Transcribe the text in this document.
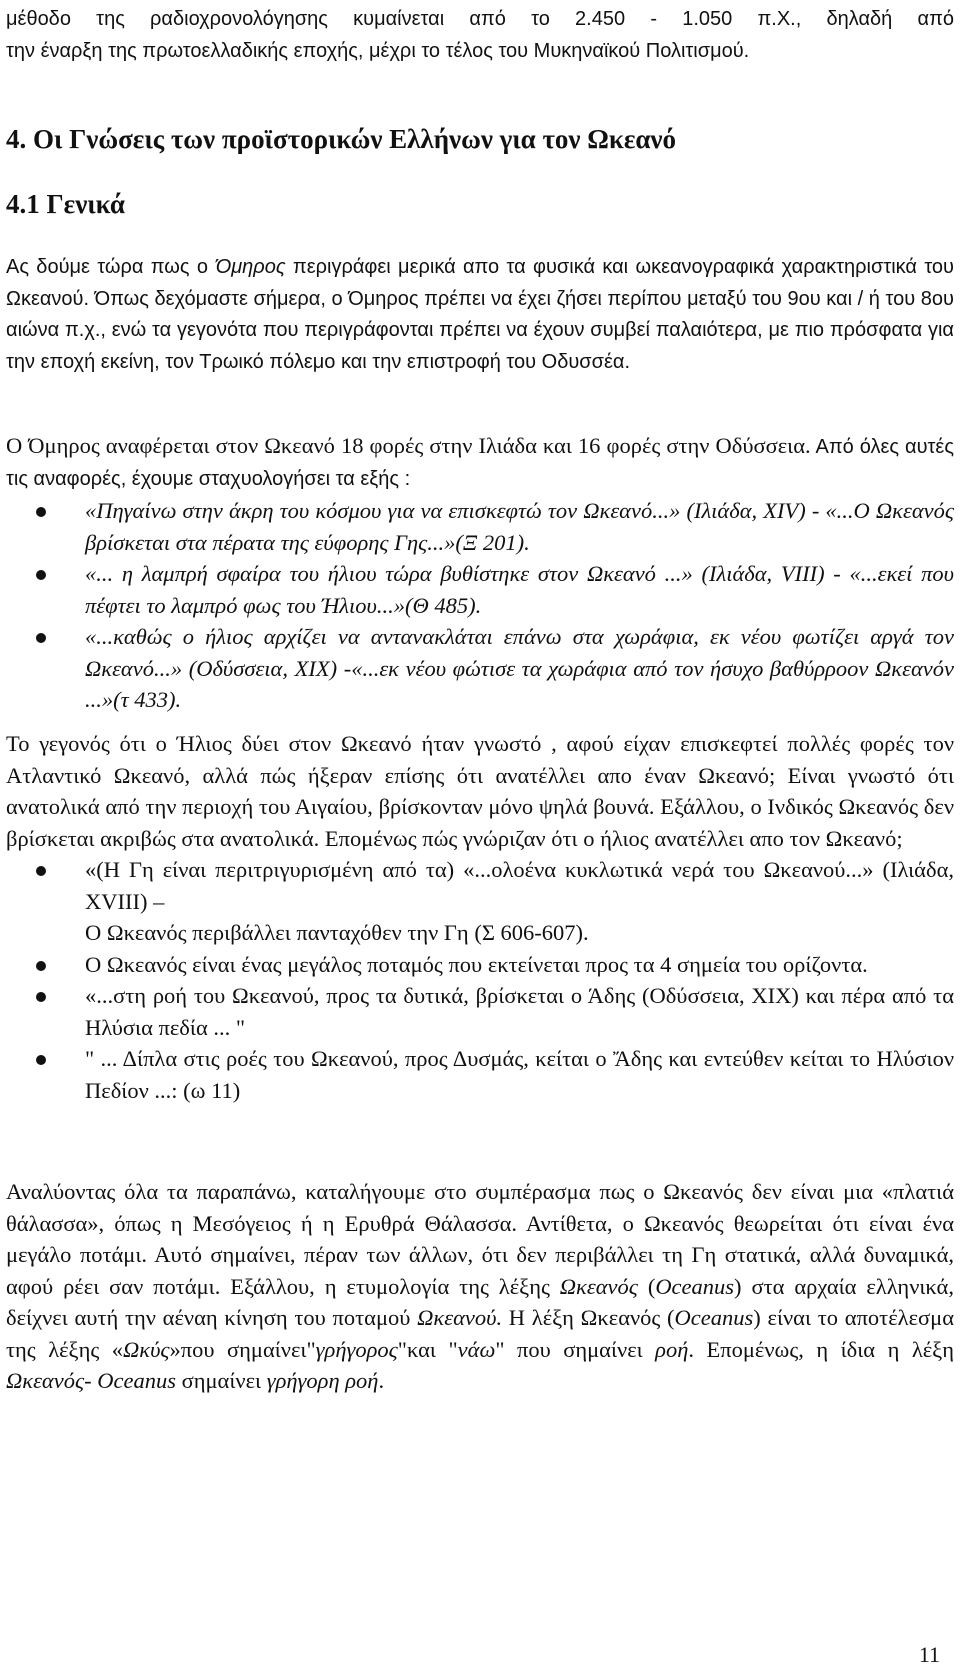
μέθοδο της ραδιοχρονολόγησης κυμαίνεται από το 2.450 - 1.050 π.Χ., δηλαδή από
την έναρξη της πρωτοελλαδικής εποχής, μέχρι το τέλος του Μυκηναϊκού Πολιτισμού.
4. Οι Γνώσεις των προϊστορικών Ελλήνων για τον Ωκεανό
4.1 Γενικά
Ας δούμε τώρα πως ο Όμηρος περιγράφει μερικά απο τα φυσικά και ωκεανογραφικά χαρακτηριστικά του Ωκεανού. Όπως δεχόμαστε σήμερα, ο Όμηρος πρέπει να έχει ζήσει περίπου μεταξύ του 9ου και / ή του 8ου αιώνα π.χ., ενώ τα γεγονότα που περιγράφονται πρέπει να έχουν συμβεί παλαιότερα, με πιο πρόσφατα για την εποχή εκείνη, τον Τρωικό πόλεμο και την επιστροφή του Οδυσσέα.
Ο Όμηρος αναφέρεται στον Ωκεανό 18 φορές στην Ιλιάδα και 16 φορές στην Οδύσσεια. Από όλες αυτές τις αναφορές, έχουμε σταχυολογήσει τα εξής :
«Πηγαίνω στην άκρη του κόσμου για να επισκεφτώ τον Ωκεανό...» (Ιλιάδα, XIV) - «...Ο Ωκεανός βρίσκεται στα πέρατα της εύφορης Γης...»(Ξ 201).
«... η λαμπρή σφαίρα του ήλιου τώρα βυθίστηκε στον Ωκεανό ...» (Ιλιάδα, VIII) - «...εκεί που πέφτει το λαμπρό φως του Ήλιου...»(Θ 485).
«...καθώς ο ήλιος αρχίζει να αντανακλάται επάνω στα χωράφια, εκ νέου φωτίζει αργά τον Ωκεανό...» (Οδύσσεια, XIX) -«...εκ νέου φώτισε τα χωράφια από τον ήσυχο βαθύρροον Ωκεανόν ...»(τ 433).
Το γεγονός ότι ο Ήλιος δύει στον Ωκεανό ήταν γνωστό , αφού είχαν επισκεφτεί πολλές φορές τον Ατλαντικό Ωκεανό, αλλά πώς ήξεραν επίσης ότι ανατέλλει απο έναν Ωκεανό; Είναι γνωστό ότι ανατολικά από την περιοχή του Αιγαίου, βρίσκονταν μόνο ψηλά βουνά. Εξάλλου, ο Ινδικός Ωκεανός δεν βρίσκεται ακριβώς στα ανατολικά. Επομένως πώς γνώριζαν ότι ο ήλιος ανατέλλει απο τον Ωκεανό;
«(Η Γη είναι περιτριγυρισμένη από τα) «...ολοένα κυκλωτικά νερά του Ωκεανού...» (Ιλιάδα, XVIII) –
Ο Ωκεανός περιβάλλει πανταχόθεν την Γη (Σ 606-607).
Ο Ωκεανός είναι ένας μεγάλος ποταμός που εκτείνεται προς τα 4 σημεία του ορίζοντα.
«...στη ροή του Ωκεανού, προς τα δυτικά, βρίσκεται ο Άδης (Οδύσσεια, XIX) και πέρα από τα Ηλύσια πεδία ... "
" ... Δίπλα στις ροές του Ωκεανού, προς Δυσμάς, κείται ο Ἄδης και εντεύθεν κείται το Ηλύσιον Πεδίον ...: (ω 11)
Αναλύοντας όλα τα παραπάνω, καταλήγουμε στο συμπέρασμα πως ο Ωκεανός δεν είναι μια «πλατιά θάλασσα», όπως η Μεσόγειος ή η Ερυθρά Θάλασσα. Αντίθετα, ο Ωκεανός θεωρείται ότι είναι ένα μεγάλο ποτάμι. Αυτό σημαίνει, πέραν των άλλων, ότι δεν περιβάλλει τη Γη στατικά, αλλά δυναμικά, αφού ρέει σαν ποτάμι. Εξάλλου, η ετυμολογία της λέξης Ωκεανός (Oceanus) στα αρχαία ελληνικά, δείχνει αυτή την αέναη κίνηση του ποταμού Ωκεανού. Η λέξη Ωκεανός (Oceanus) είναι το αποτέλεσμα της λέξης «Ωκύς»που σημαίνει"γρήγορος"και "νάω" που σημαίνει ροή. Επομένως, η ίδια η λέξη Ωκεανός- Oceanus σημαίνει γρήγορη ροή.
11
